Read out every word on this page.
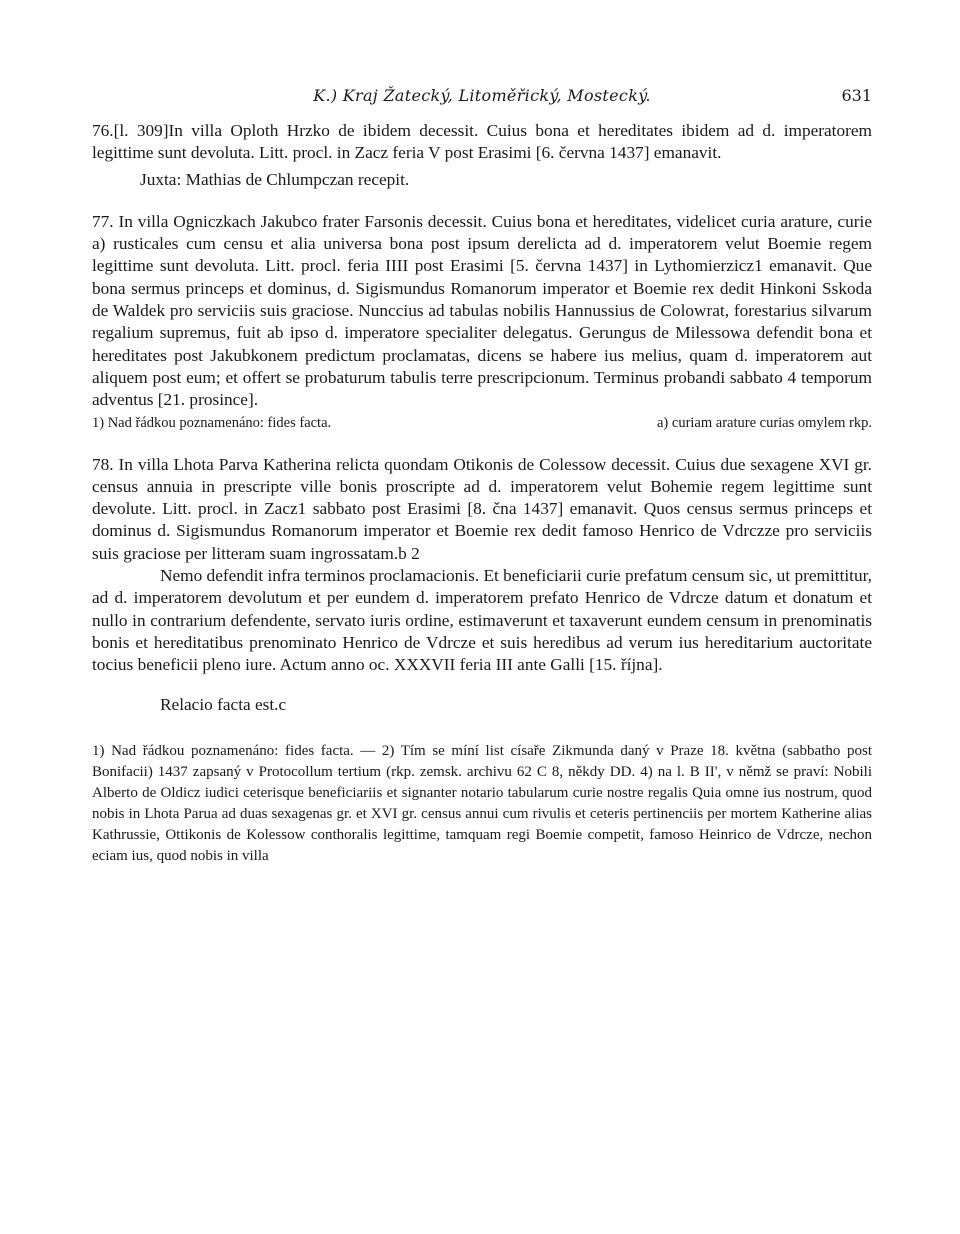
K.) Kraj Žatecký, Litoměřický, Mostecký.	631

76.[l. 309]In villa Oploth Hrzko de ibidem decessit. Cuius bona et hereditates ibidem ad d. imperatorem legittime sunt devoluta. Litt. procl. in Zacz feria V post Erasimi [6. června 1437] emanavit.

Juxta: Mathias de Chlumpczan recepit.

77. In villa Ogniczkach Jakubco frater Farsonis decessit. Cuius bona et hereditates, videlicet curia arature, curie a) rusticales cum censu et alia universa bona post ipsum derelicta ad d. imperatorem velut Boemie regem legittime sunt devoluta. Litt. procl. feria IIII post Erasimi [5. června 1437] in Lythomierzicz1 emanavit. Que bona sermus princeps et dominus, d. Sigismundus Romanorum imperator et Boemie rex dedit Hinkoni Sskoda de Waldek pro serviciis suis graciose. Nunccius ad tabulas nobilis Hannussius de Colowrat, forestarius silvarum regalium supremus, fuit ab ipso d. imperatore specialiter delegatus. Gerungus de Milessowa defendit bona et hereditates post Jakubkonem predictum proclamatas, dicens se habere ius melius, quam d. imperatorem aut aliquem post eum; et offert se probaturum tabulis terre prescripcionum. Terminus probandi sabbato 4 temporum adventus [21. prosince].

1) Nad řádkou poznamenáno: fides facta.	a) curiam arature curias omylem rkp.

78. In villa Lhota Parva Katherina relicta quondam Otikonis de Colessow decessit. Cuius due sexagene XVI gr. census annuia in prescripte ville bonis proscripte ad d. imperatorem velut Bohemie regem legittime sunt devolute. Litt. procl. in Zacz1 sabbato post Erasimi [8. čna 1437] emanavit. Quos census sermus princeps et dominus d. Sigismundus Romanorum imperator et Boemie rex dedit famoso Henrico de Vdrczze pro serviciis suis graciose per litteram suam ingrossatam.b 2

Nemo defendit infra terminos proclamacionis. Et beneficiarii curie prefatum censum sic, ut premittitur, ad d. imperatorem devolutum et per eundem d. imperatorem prefato Henrico de Vdrcze datum et donatum et nullo in contrarium defendente, servato iuris ordine, estimaverunt et taxaverunt eundem censum in prenominatis bonis et hereditatibus prenominato Henrico de Vdrcze et suis heredibus ad verum ius hereditarium auctoritate tocius beneficii pleno iure. Actum anno oc. XXXVII feria III ante Galli [15. října].

Relacio facta est.c

1) Nad řádkou poznamenáno: fides facta. — 2) Tím se míní list císaře Zikmunda daný v Praze 18. května (sabbatho post Bonifacii) 1437 zapsaný v Protocollum tertium (rkp. zemsk. archivu 62 C 8, někdy DD. 4) na l. B II', v němž se praví: Nobili Alberto de Oldicz iudici ceterisque beneficiariis et signanter notario tabularum curie nostre regalis Quia omne ius nostrum, quod nobis in Lhota Parua ad duas sexagenas gr. et XVI gr. census annui cum rivulis et ceteris pertinenciis per mortem Katherine alias Kathrussie, Ottikonis de Kolessow conthoralis legittime, tamquam regi Boemie competit, famoso Heinrico de Vdrcze, nechon eciam ius, quod nobis in villa
